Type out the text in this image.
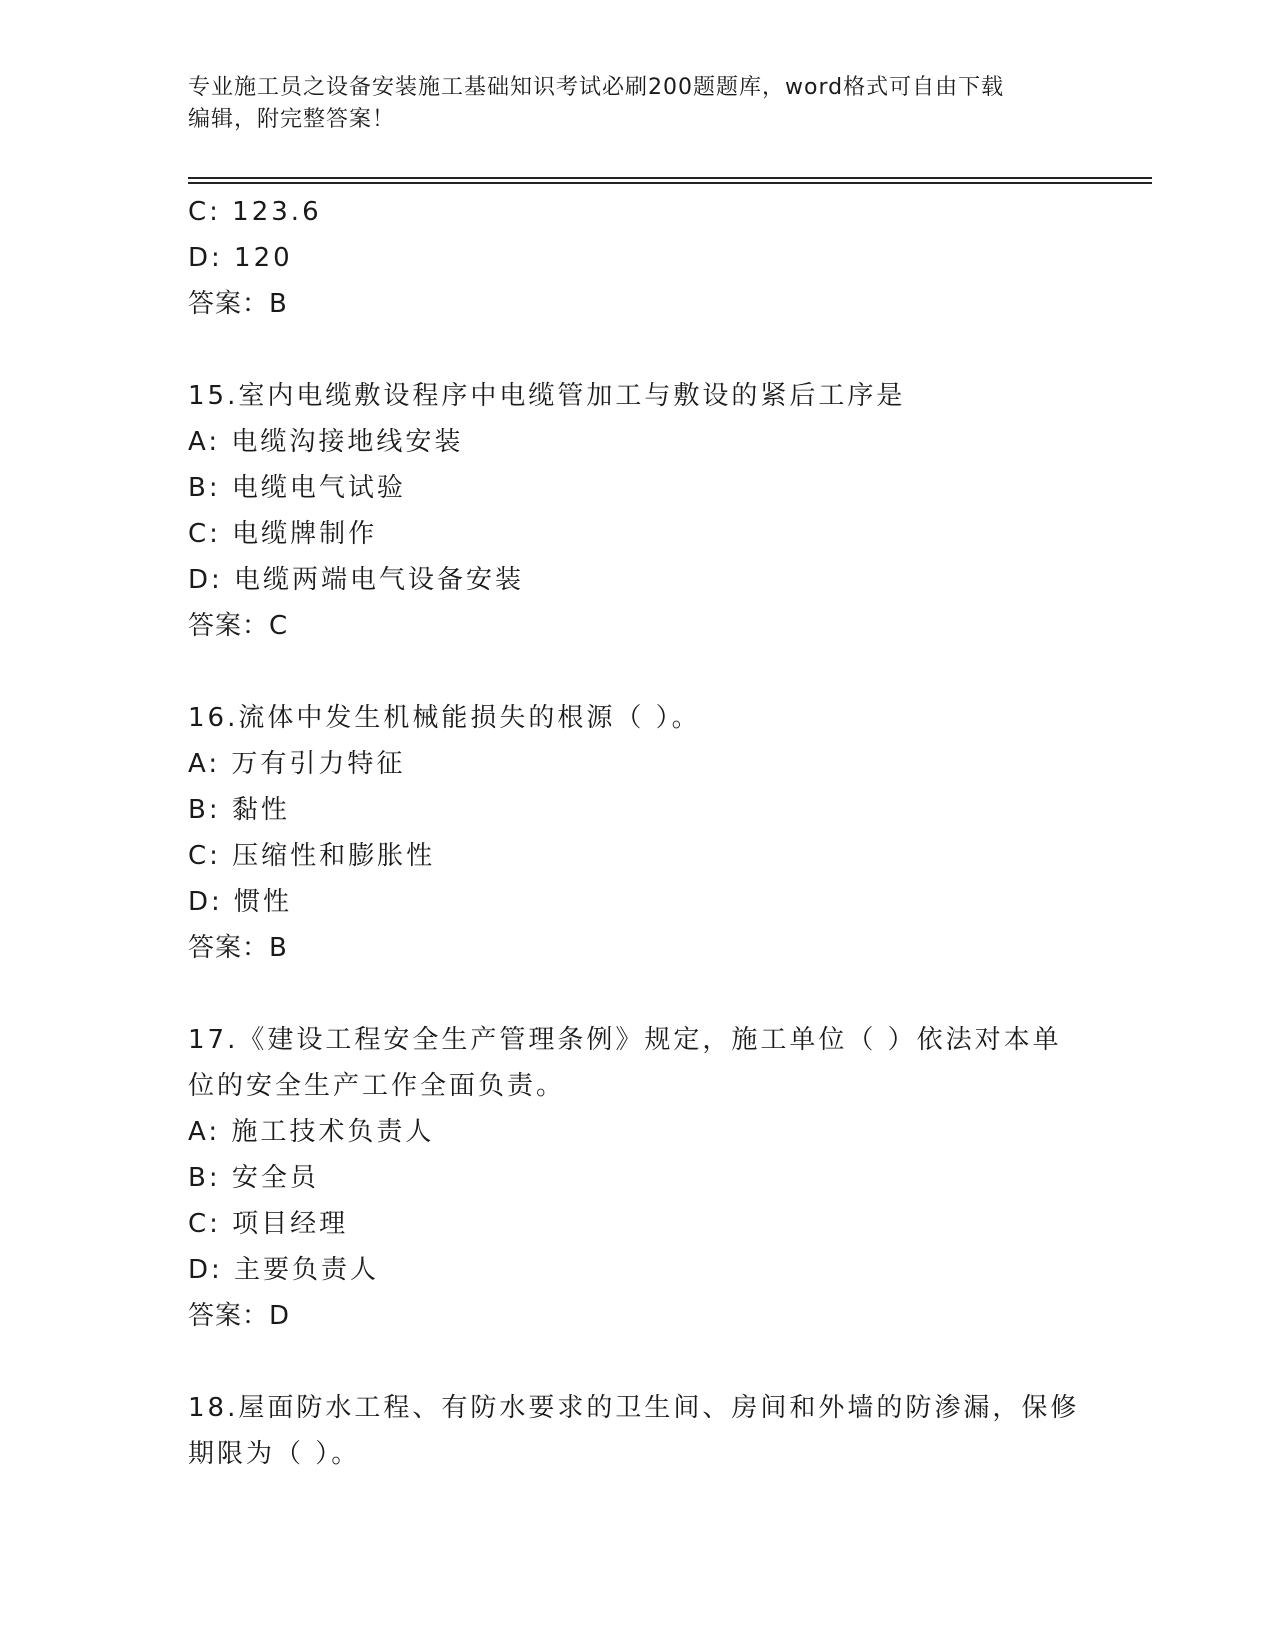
专业施工员之设备安装施工基础知识考试必刷200题题库，word格式可自由下载
编辑，附完整答案！
C: 123.6
D: 120
答案：B
15.室内电缆敷设程序中电缆管加工与敷设的紧后工序是
A: 电缆沟接地线安装
B: 电缆电气试验
C: 电缆牌制作
D: 电缆两端电气设备安装
答案：C
16.流体中发生机械能损失的根源（ ）。
A: 万有引力特征
B: 黏性
C: 压缩性和膨胀性
D: 惯性
答案：B
17.《建设工程安全生产管理条例》规定，施工单位（ ）依法对本单
位的安全生产工作全面负责。
A: 施工技术负责人
B: 安全员
C: 项目经理
D: 主要负责人
答案：D
18.屋面防水工程、有防水要求的卫生间、房间和外墙的防渗漏，保修
期限为（ ）。
